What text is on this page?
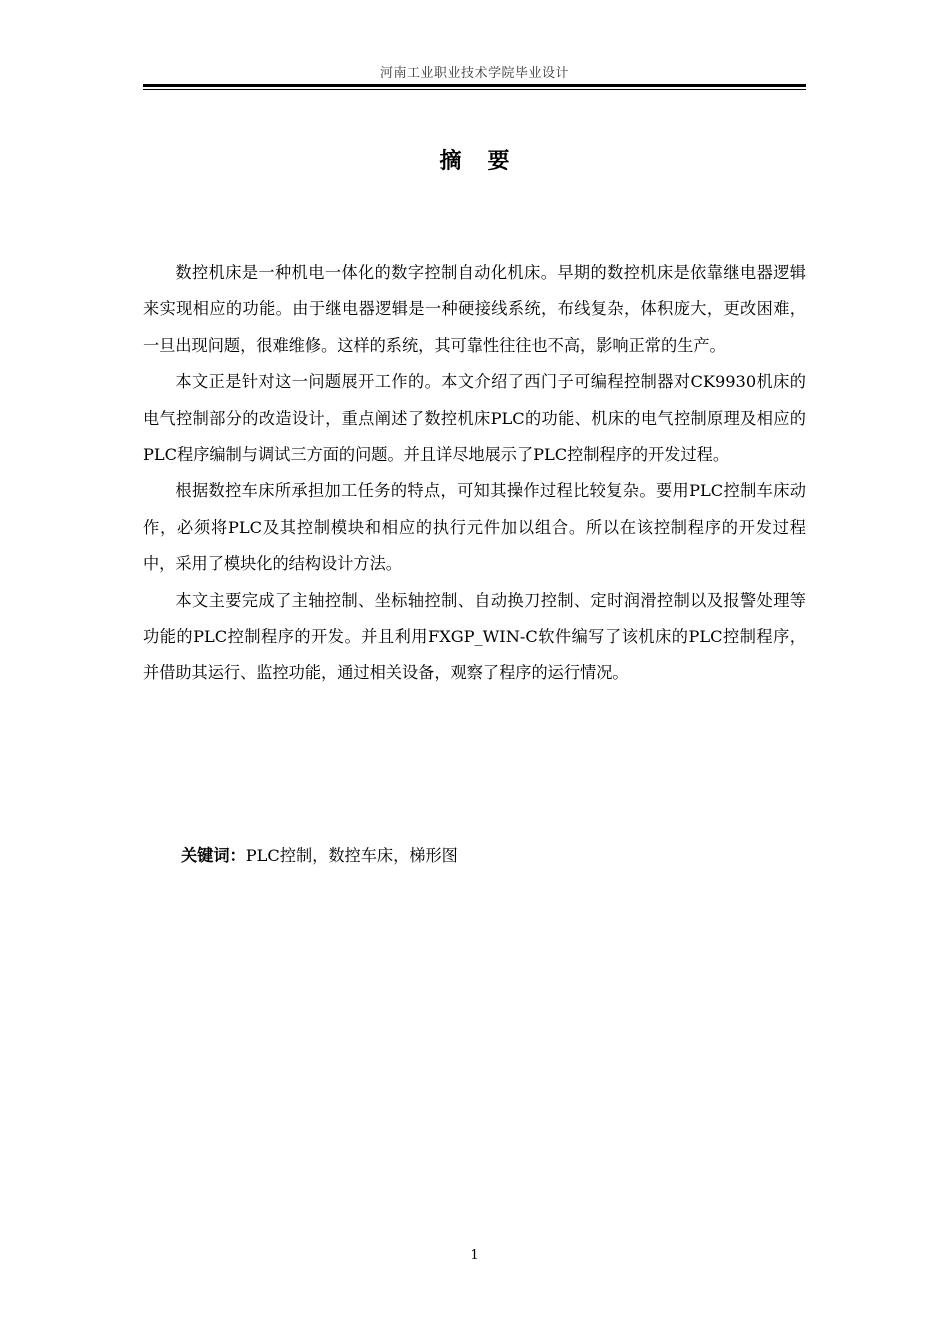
河南工业职业技术学院毕业设计
摘要

数控机床是一种机电一体化的数字控制自动化机床。早期的数控机床是依靠继电器逻辑来实现相应的功能。由于继电器逻辑是一种硬接线系统，布线复杂，体积庞大，更改困难，一旦出现问题，很难维修。这样的系统，其可靠性往往也不高，影响正常的生产。

本文正是针对这一问题展开工作的。本文介绍了西门子可编程控制器对CK9930机床的电气控制部分的改造设计，重点阐述了数控机床PLC的功能、机床的电气控制原理及相应的PLC程序编制与调试三方面的问题。并且详尽地展示了PLC控制程序的开发过程。

根据数控车床所承担加工任务的特点，可知其操作过程比较复杂。要用PLC控制车床动作，必须将PLC及其控制模块和相应的执行元件加以组合。所以在该控制程序的开发过程中，采用了模块化的结构设计方法。

本文主要完成了主轴控制、坐标轴控制、自动换刀控制、定时润滑控制以及报警处理等功能的PLC控制程序的开发。并且利用FXGP_WIN-C软件编写了该机床的PLC控制程序，并借助其运行、监控功能，通过相关设备，观察了程序的运行情况。

关键词：PLC控制，数控车床，梯形图
1
